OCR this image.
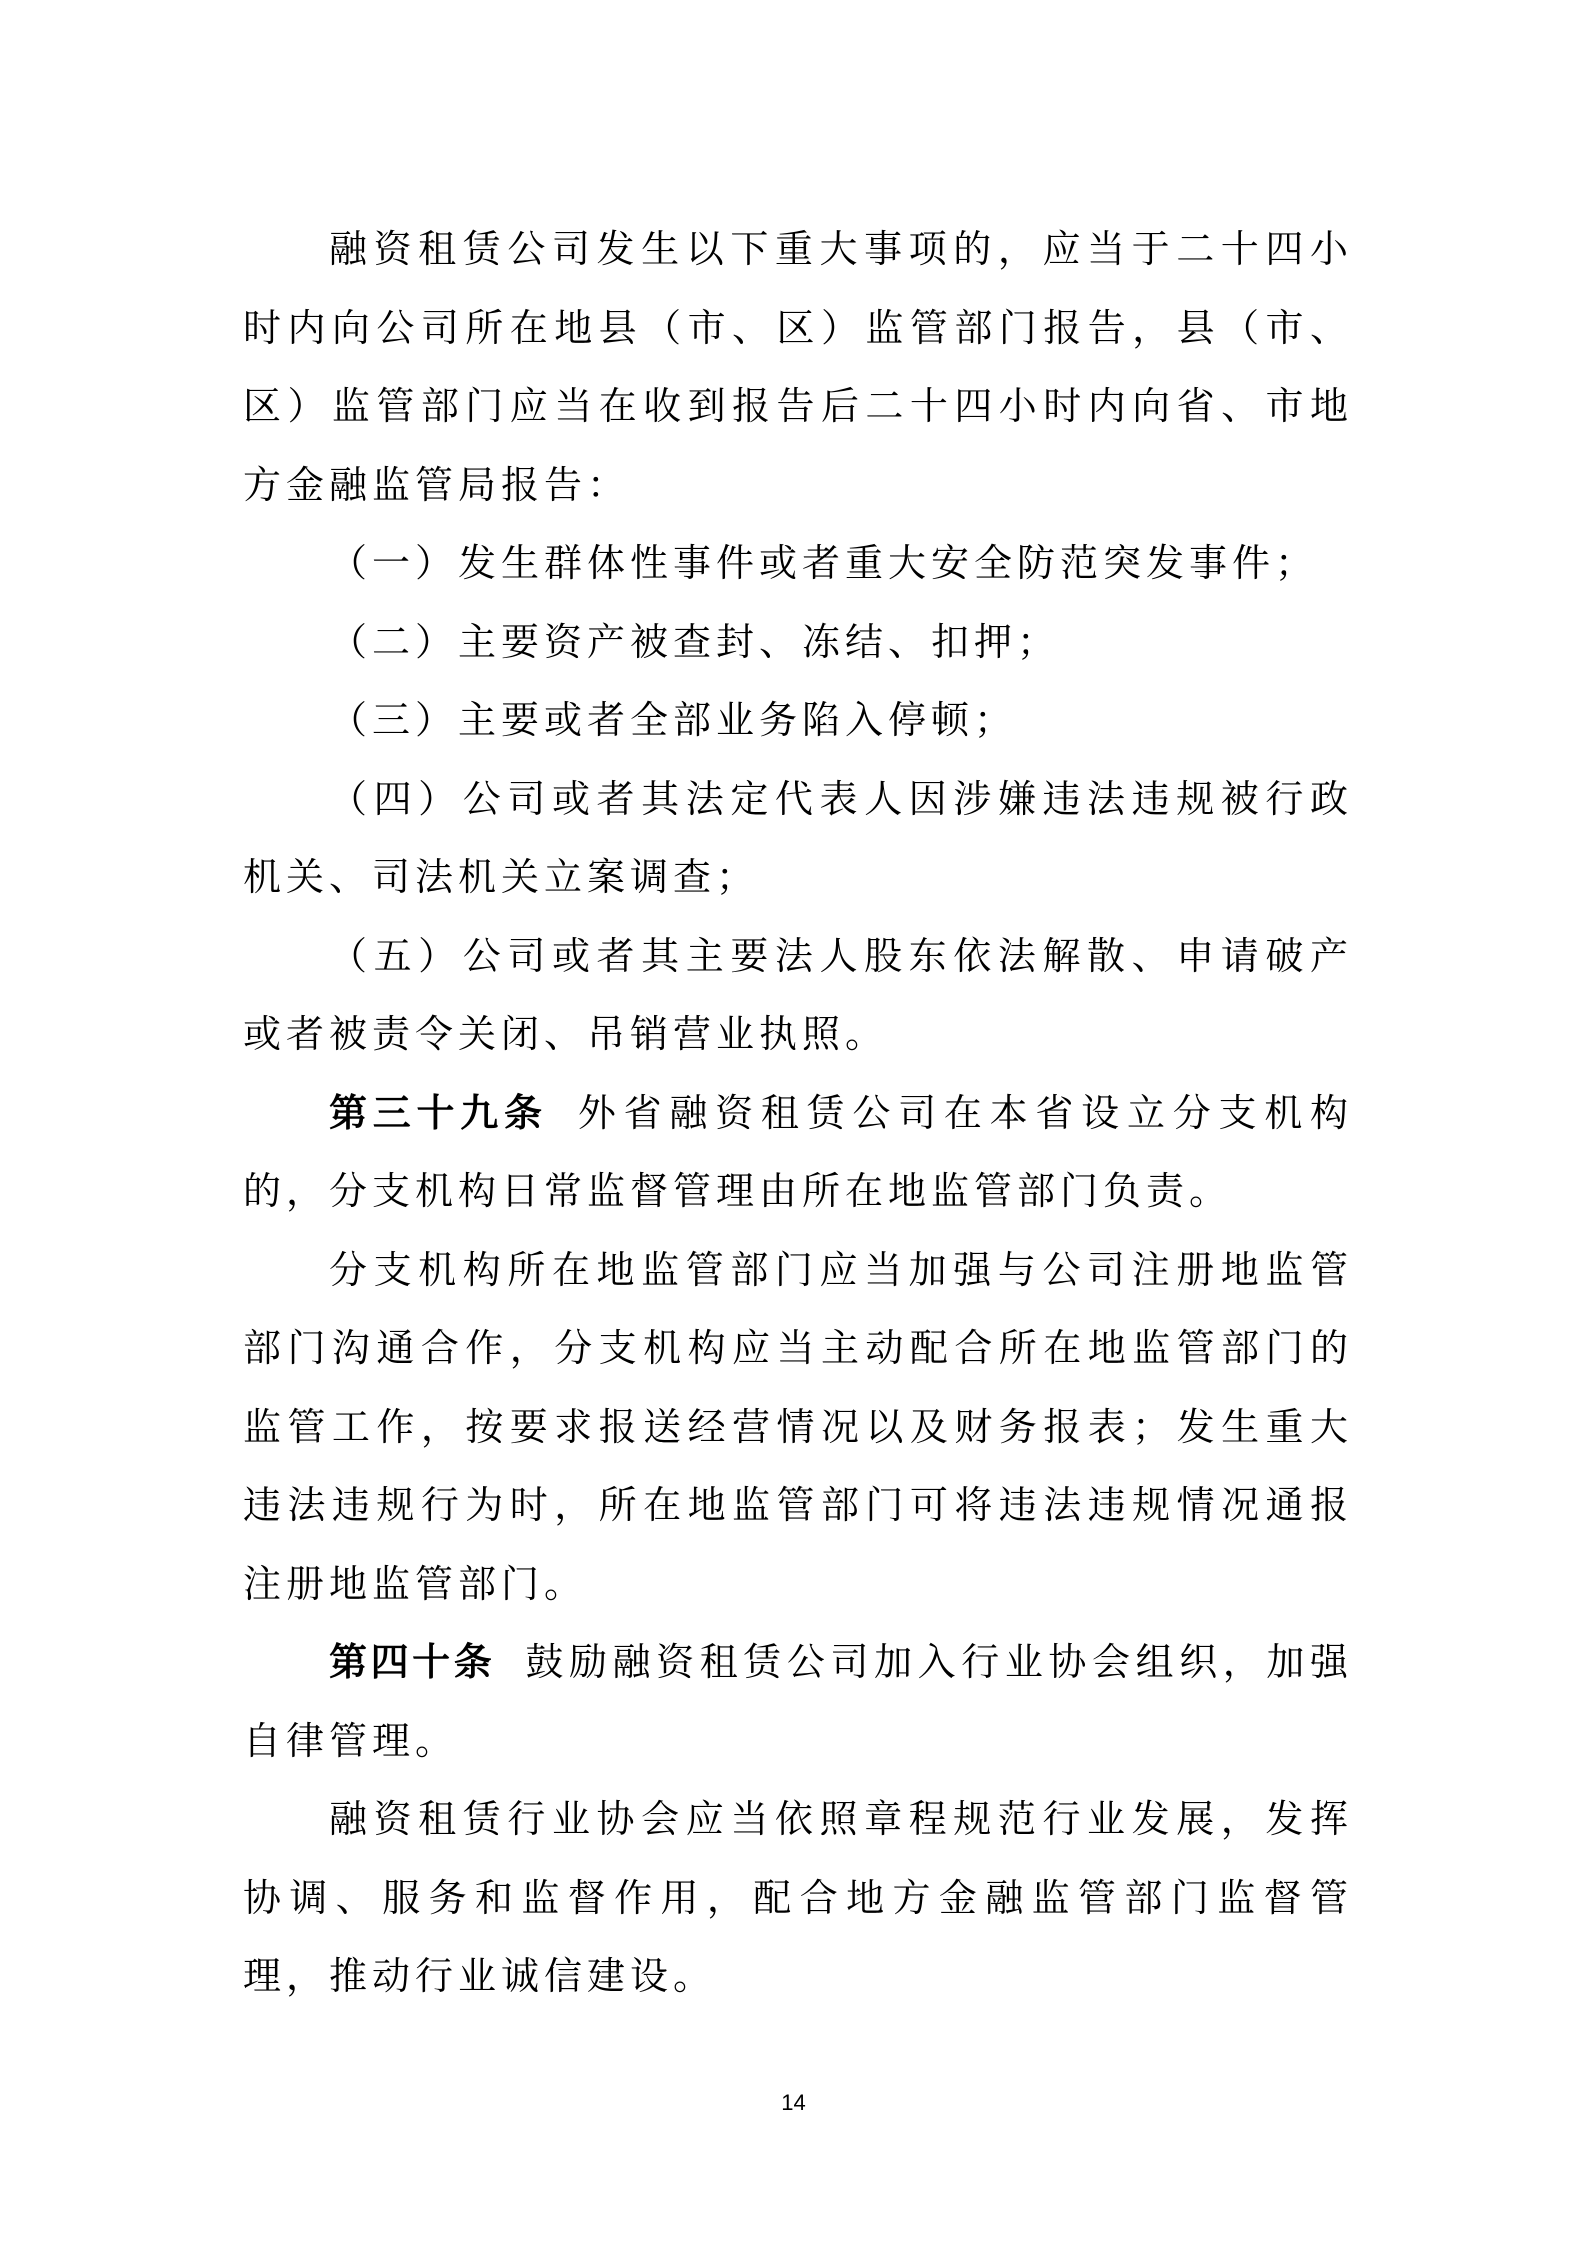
融资租赁公司发生以下重大事项的，应当于二十四小时内向公司所在地县（市、区）监管部门报告，县（市、区）监管部门应当在收到报告后二十四小时内向省、市地方金融监管局报告：

（一）发生群体性事件或者重大安全防范突发事件；

（二）主要资产被查封、冻结、扣押；

（三）主要或者全部业务陷入停顿；

（四）公司或者其法定代表人因涉嫌违法违规被行政机关、司法机关立案调查；

（五）公司或者其主要法人股东依法解散、申请破产或者被责令关闭、吊销营业执照。

第三十九条 外省融资租赁公司在本省设立分支机构的，分支机构日常监督管理由所在地监管部门负责。

分支机构所在地监管部门应当加强与公司注册地监管部门沟通合作，分支机构应当主动配合所在地监管部门的监管工作，按要求报送经营情况以及财务报表；发生重大违法违规行为时，所在地监管部门可将违法违规情况通报注册地监管部门。

第四十条 鼓励融资租赁公司加入行业协会组织，加强自律管理。

融资租赁行业协会应当依照章程规范行业发展，发挥协调、服务和监督作用，配合地方金融监管部门监督管理，推动行业诚信建设。

14
